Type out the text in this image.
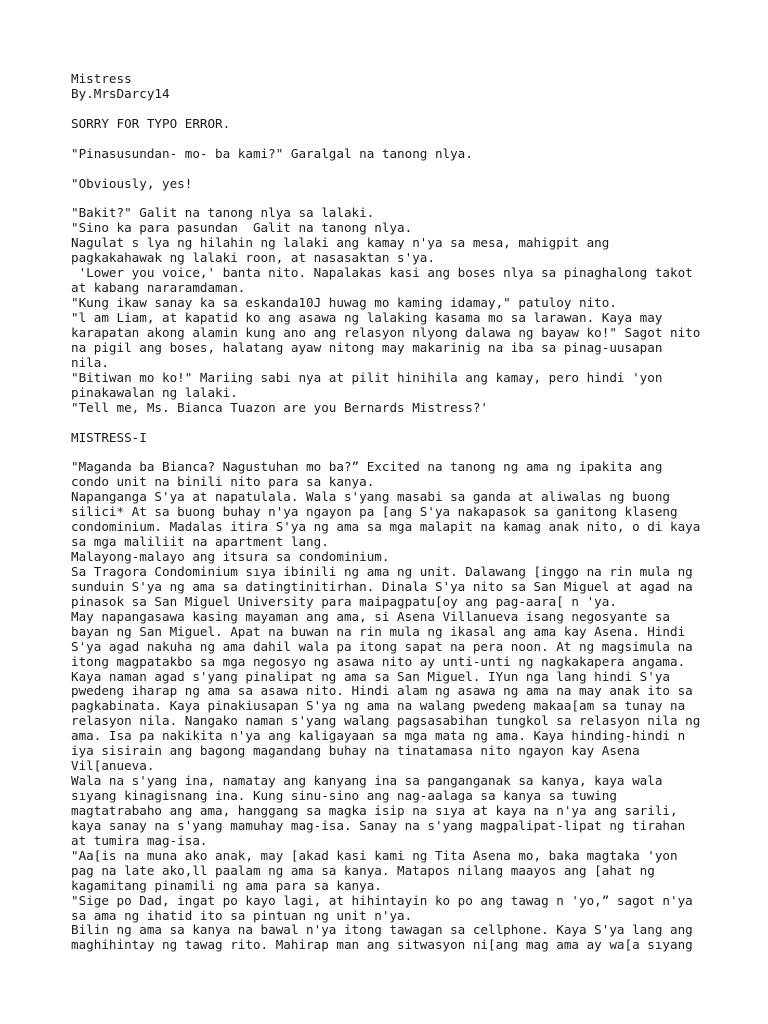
Mistress
By.MrsDarcy14
SORRY FOR TYPO ERROR.
"Pinasusundan- mo- ba kami?" Garalgal na tanong nlya.
"Obviously, yes!
"Bakit?" Galit na tanong nlya sa lalaki.
"Sino ka para pasundan  Galit na tanong nlya.
Nagulat s lya ng hilahin ng lalaki ang kamay n'ya sa mesa, mahigpit ang
pagkakahawak ng lalaki roon, at nasasaktan s'ya.
'Lower you voice,' banta nito. Napalakas kasi ang boses nlya sa pinaghalong takot
at kabang nararamdaman.
"Kung ikaw sanay ka sa eskanda10J huwag mo kaming idamay," patuloy nito.
"l am Liam, at kapatid ko ang asawa ng lalaking kasama mo sa larawan. Kaya may
karapatan akong alamin kung ano ang relasyon nlyong dalawa ng bayaw ko!" Sagot nito
na pigil ang boses, halatang ayaw nitong may makarinig na iba sa pinag-uusapan
nila.
"Bitiwan mo ko!" Mariing sabi nya at pilit hinihila ang kamay, pero hindi 'yon
pinakawalan ng lalaki.
"Tell me, Ms. Bianca Tuazon are you Bernards Mistress?'
MISTRESS-I
"Maganda ba Bianca? Nagustuhan mo ba?” Excited na tanong ng ama ng ipakita ang
condo unit na binili nito para sa kanya.
Napanganga S'ya at napatulala. Wala s'yang masabi sa ganda at aliwalas ng buong
silici* At sa buong buhay n'ya ngayon pa [ang S'ya nakapasok sa ganitong klaseng
condominium. Madalas itira S'ya ng ama sa mga malapit na kamag anak nito, o di kaya
sa mga maliliit na apartment lang.
Malayong-malayo ang itsura sa condominium.
Sa Tragora Condominium sıya ibinili ng ama ng unit. Dalawang [inggo na rin mula ng
sunduin S'ya ng ama sa datingtinitirhan. Dinala S'ya nito sa San Miguel at agad na
pinasok sa San Miguel University para maipagpatu[oy ang pag-aara[ n 'ya.
May napangasawa kasing mayaman ang ama, si Asena Villanueva isang negosyante sa
bayan ng San Miguel. Apat na buwan na rin mula ng ikasal ang ama kay Asena. Hindi
S'ya agad nakuha ng ama dahil wala pa itong sapat na pera noon. At ng magsimula na
itong magpatakbo sa mga negosyo ng asawa nito ay unti-unti ng nagkakapera angama.
Kaya naman agad s'yang pinalipat ng ama sa San Miguel. IYun nga lang hindi S'ya
pwedeng iharap ng ama sa asawa nito. Hindi alam ng asawa ng ama na may anak ito sa
pagkabinata. Kaya pinakiusapan S'ya ng ama na walang pwedeng makaa[am sa tunay na
relasyon nila. Nangako naman s'yang walang pagsasabihan tungkol sa relasyon nila ng
ama. Isa pa nakikita n'ya ang kaligayaan sa mga mata ng ama. Kaya hinding-hindi n
iya sisirain ang bagong magandang buhay na tinatamasa nito ngayon kay Asena
Vil[anueva.
Wala na s'yang ina, namatay ang kanyang ina sa panganganak sa kanya, kaya wala
sıyang kinagisnang ina. Kung sinu-sino ang nag-aalaga sa kanya sa tuwing
magtatrabaho ang ama, hanggang sa magka isip na sıya at kaya na n'ya ang sarili,
kaya sanay na s'yang mamuhay mag-isa. Sanay na s'yang magpalipat-lipat ng tirahan
at tumira mag-isa.
"Aa[is na muna ako anak, may [akad kasi kami ng Tita Asena mo, baka magtaka 'yon
pag na late ako,ll paalam ng ama sa kanya. Matapos nilang maayos ang [ahat ng
kagamitang pinamili ng ama para sa kanya.
"Sige po Dad, ingat po kayo lagi, at hihintayin ko po ang tawag n 'yo,” sagot n'ya
sa ama ng ihatid ito sa pintuan ng unit n'ya.
Bilin ng ama sa kanya na bawal n'ya itong tawagan sa cellphone. Kaya S'ya lang ang
maghihintay ng tawag rito. Mahirap man ang sitwasyon ni[ang mag ama ay wa[a sıyang
